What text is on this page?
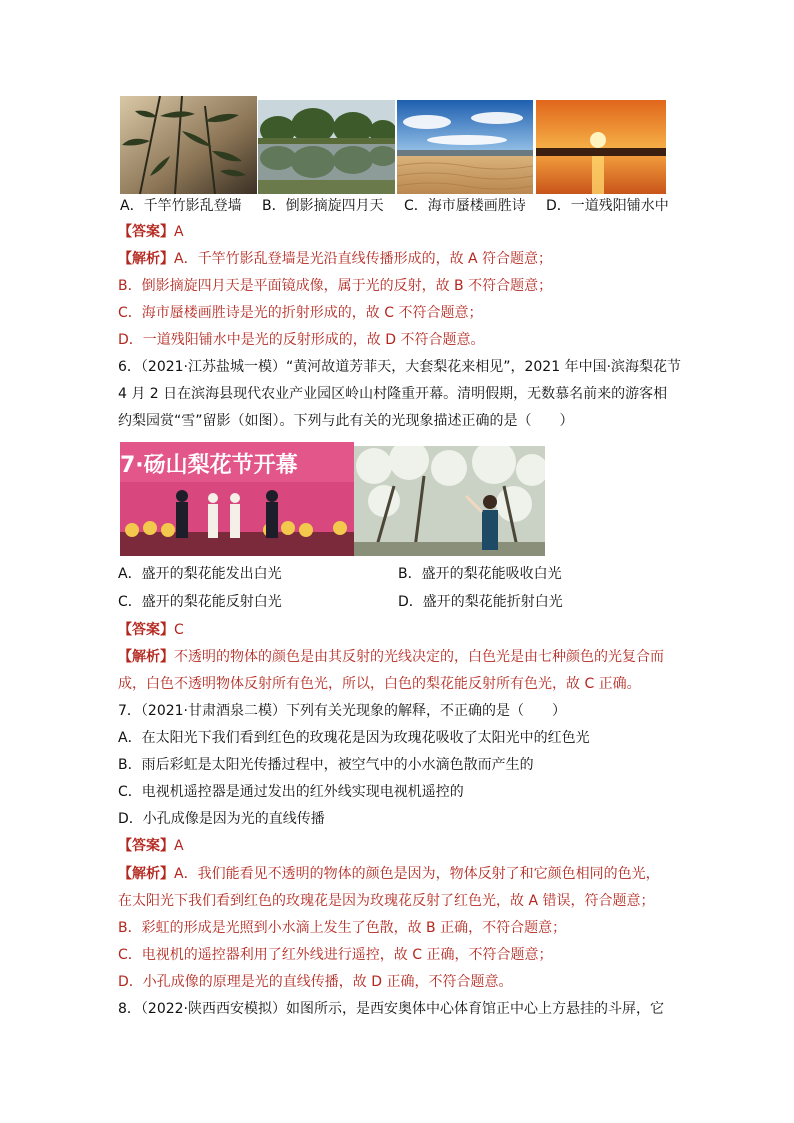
A．千竿竹影乱登墙 B．倒影摘旋四月天 C．海市蜃楼画胜诗 D．一道残阳铺水中
【答案】A
【解析】A．千竿竹影乱登墙是光沿直线传播形成的，故 A 符合题意；
B．倒影摘旋四月天是平面镜成像，属于光的反射，故 B 不符合题意；
C．海市蜃楼画胜诗是光的折射形成的，故 C 不符合题意；
D．一道残阳铺水中是光的反射形成的，故 D 不符合题意。
6．（2021·江苏盐城一模）“黄河故道芳菲天，大套梨花来相见”，2021 年中国·滨海梨花节
4 月 2 日在滨海县现代农业产业园区岭山村隆重开幕。清明假期，无数慕名前来的游客相
约梨园赏“雪”留影（如图）。下列与此有关的光现象描述正确的是（　　）
7·砀山梨花节开幕
A．盛开的梨花能发出白光	B．盛开的梨花能吸收白光
C．盛开的梨花能反射白光	D．盛开的梨花能折射白光
【答案】C
【解析】不透明的物体的颜色是由其反射的光线决定的，白色光是由七种颜色的光复合而
成，白色不透明物体反射所有色光，所以，白色的梨花能反射所有色光，故 C 正确。
7．（2021·甘肃酒泉二模）下列有关光现象的解释，不正确的是（　　）
A．在太阳光下我们看到红色的玫瑰花是因为玫瑰花吸收了太阳光中的红色光
B．雨后彩虹是太阳光传播过程中，被空气中的小水滴色散而产生的
C．电视机遥控器是通过发出的红外线实现电视机遥控的
D．小孔成像是因为光的直线传播
【答案】A
【解析】A．我们能看见不透明的物体的颜色是因为，物体反射了和它颜色相同的色光，
在太阳光下我们看到红色的玫瑰花是因为玫瑰花反射了红色光，故 A 错误，符合题意；
B．彩虹的形成是光照到小水滴上发生了色散，故 B 正确，不符合题意；
C．电视机的遥控器利用了红外线进行遥控，故 C 正确，不符合题意；
D．小孔成像的原理是光的直线传播，故 D 正确，不符合题意。
8．（2022·陕西西安模拟）如图所示，是西安奥体中心体育馆正中心上方悬挂的斗屏，它
